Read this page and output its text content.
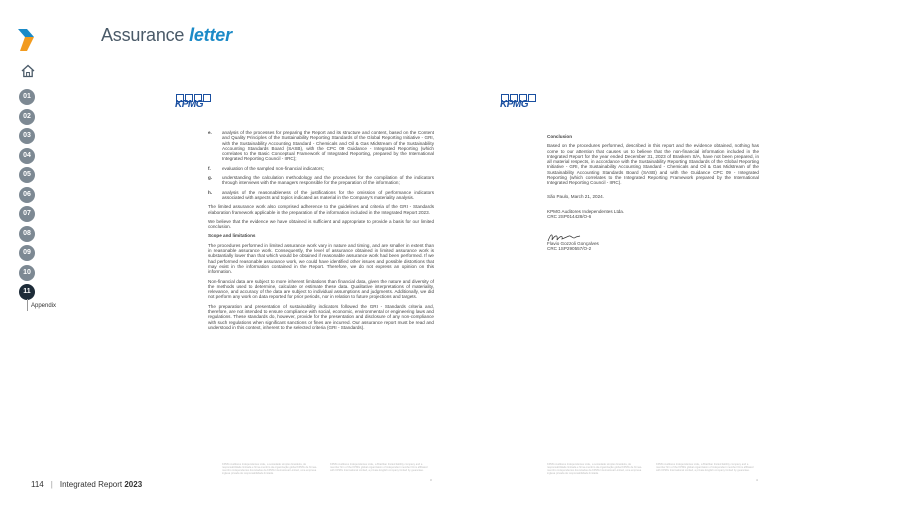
Assurance letter
01
02
03
04
05
06
07
08
09
10
11
Appendix
KPMG
e.	analysis of the processes for preparing the Report and its structure and content, based on the Content and Quality Principles of the Sustainability Reporting Standards of the Global Reporting Initiative - GRI, with the Sustainability Accounting Standard - Chemicals and Oil & Gas Midstream of the Sustainability Accounting Standards Board (SASB), with the CPC 09 Guidance - Integrated Reporting (which correlates to the Basic Conceptual Framework of Integrated Reporting, prepared by the International Integrated Reporting Council - IIRC);
f.	evaluation of the sampled non-financial indicators;
g.	understanding the calculation methodology and the procedures for the compilation of the indicators through interviews with the managers responsible for the preparation of the information;
h.	analysis of the reasonableness of the justifications for the omission of performance indicators associated with aspects and topics indicated as material in the Company's materiality analysis.

The limited assurance work also comprised adherence to the guidelines and criteria of the GRI - Standards elaboration framework applicable in the preparation of the information included in the Integrated Report 2023.

We believe that the evidence we have obtained is sufficient and appropriate to provide a basis for our limited conclusion.

Scope and limitations

The procedures performed in limited assurance work vary in nature and timing, and are smaller in extent than in reasonable assurance work. Consequently, the level of assurance obtained in limited assurance work is substantially lower than that which would be obtained if reasonable assurance work had been performed. If we had performed reasonable assurance work, we could have identified other issues and possible distortions that may exist in the information contained in the Report. Therefore, we do not express an opinion on this information.

Non-financial data are subject to more inherent limitations than financial data, given the nature and diversity of the methods used to determine, calculate or estimate these data. Qualitative interpretations of materiality, relevance, and accuracy of the data are subject to individual assumptions and judgments. Additionally, we did not perform any work on data reported for prior periods, nor in relation to future projections and targets.

The preparation and presentation of sustainability indicators followed the GRI - Standards criteria and, therefore, are not intended to ensure compliance with social, economic, environmental or engineering laws and regulations. These standards do, however, provide for the presentation and disclosure of any non-compliance with such regulations when significant sanctions or fines are incurred. Our assurance report must be read and understood in this context, inherent to the selected criteria (GRI - Standards).

KPMG Auditores Independentes Ltda., a sociedade simples brasileira, de responsabilidade limitada e firma-membro da organização global KPMG de firmas-membro independentes licenciadas da KPMG International Limited, uma empresa inglesa privada de responsabilidade limitada.
KPMG Auditores Independentes Ltda., a Brazilian limited liability company and a member firm of the KPMG global organization of independent member firms affiliated with KPMG International Limited, a private English company limited by guarantee.
3
KPMG
Conclusion

Based on the procedures performed, described in this report and the evidence obtained, nothing has come to our attention that causes us to believe that the non-financial information included in the Integrated Report for the year ended December 31, 2023 of Braskem S/A, have not been prepared, in all material respects, in accordance with the Sustainability Reporting Standards of the Global Reporting Initiative - GRI, the Sustainability Accounting Standard - Chemicals and Oil & Gas Midstream of the Sustainability Accounting Standards Board (SASB) and with the Guidance CPC 09 - Integrated Reporting (which correlates to the Integrated Reporting Framework prepared by the International Integrated Reporting Council - IIRC).

São Paulo, March 21, 2024.

KPMG Auditores Independentes Ltda.
CRC 2SP014428/O-6
Flavio Gozzoli Gonçalves
CRC 1SP290557/O-2
KPMG Auditores Independentes Ltda., a sociedade simples brasileira, de responsabilidade limitada e firma-membro da organização global KPMG de firmas-membro independentes licenciadas da KPMG International Limited, uma empresa inglesa privada de responsabilidade limitada.
KPMG Auditores Independentes Ltda., a Brazilian limited liability company and a member firm of the KPMG global organization of independent member firms affiliated with KPMG International Limited, a private English company limited by guarantee.
4
114 | Integrated Report 2023
